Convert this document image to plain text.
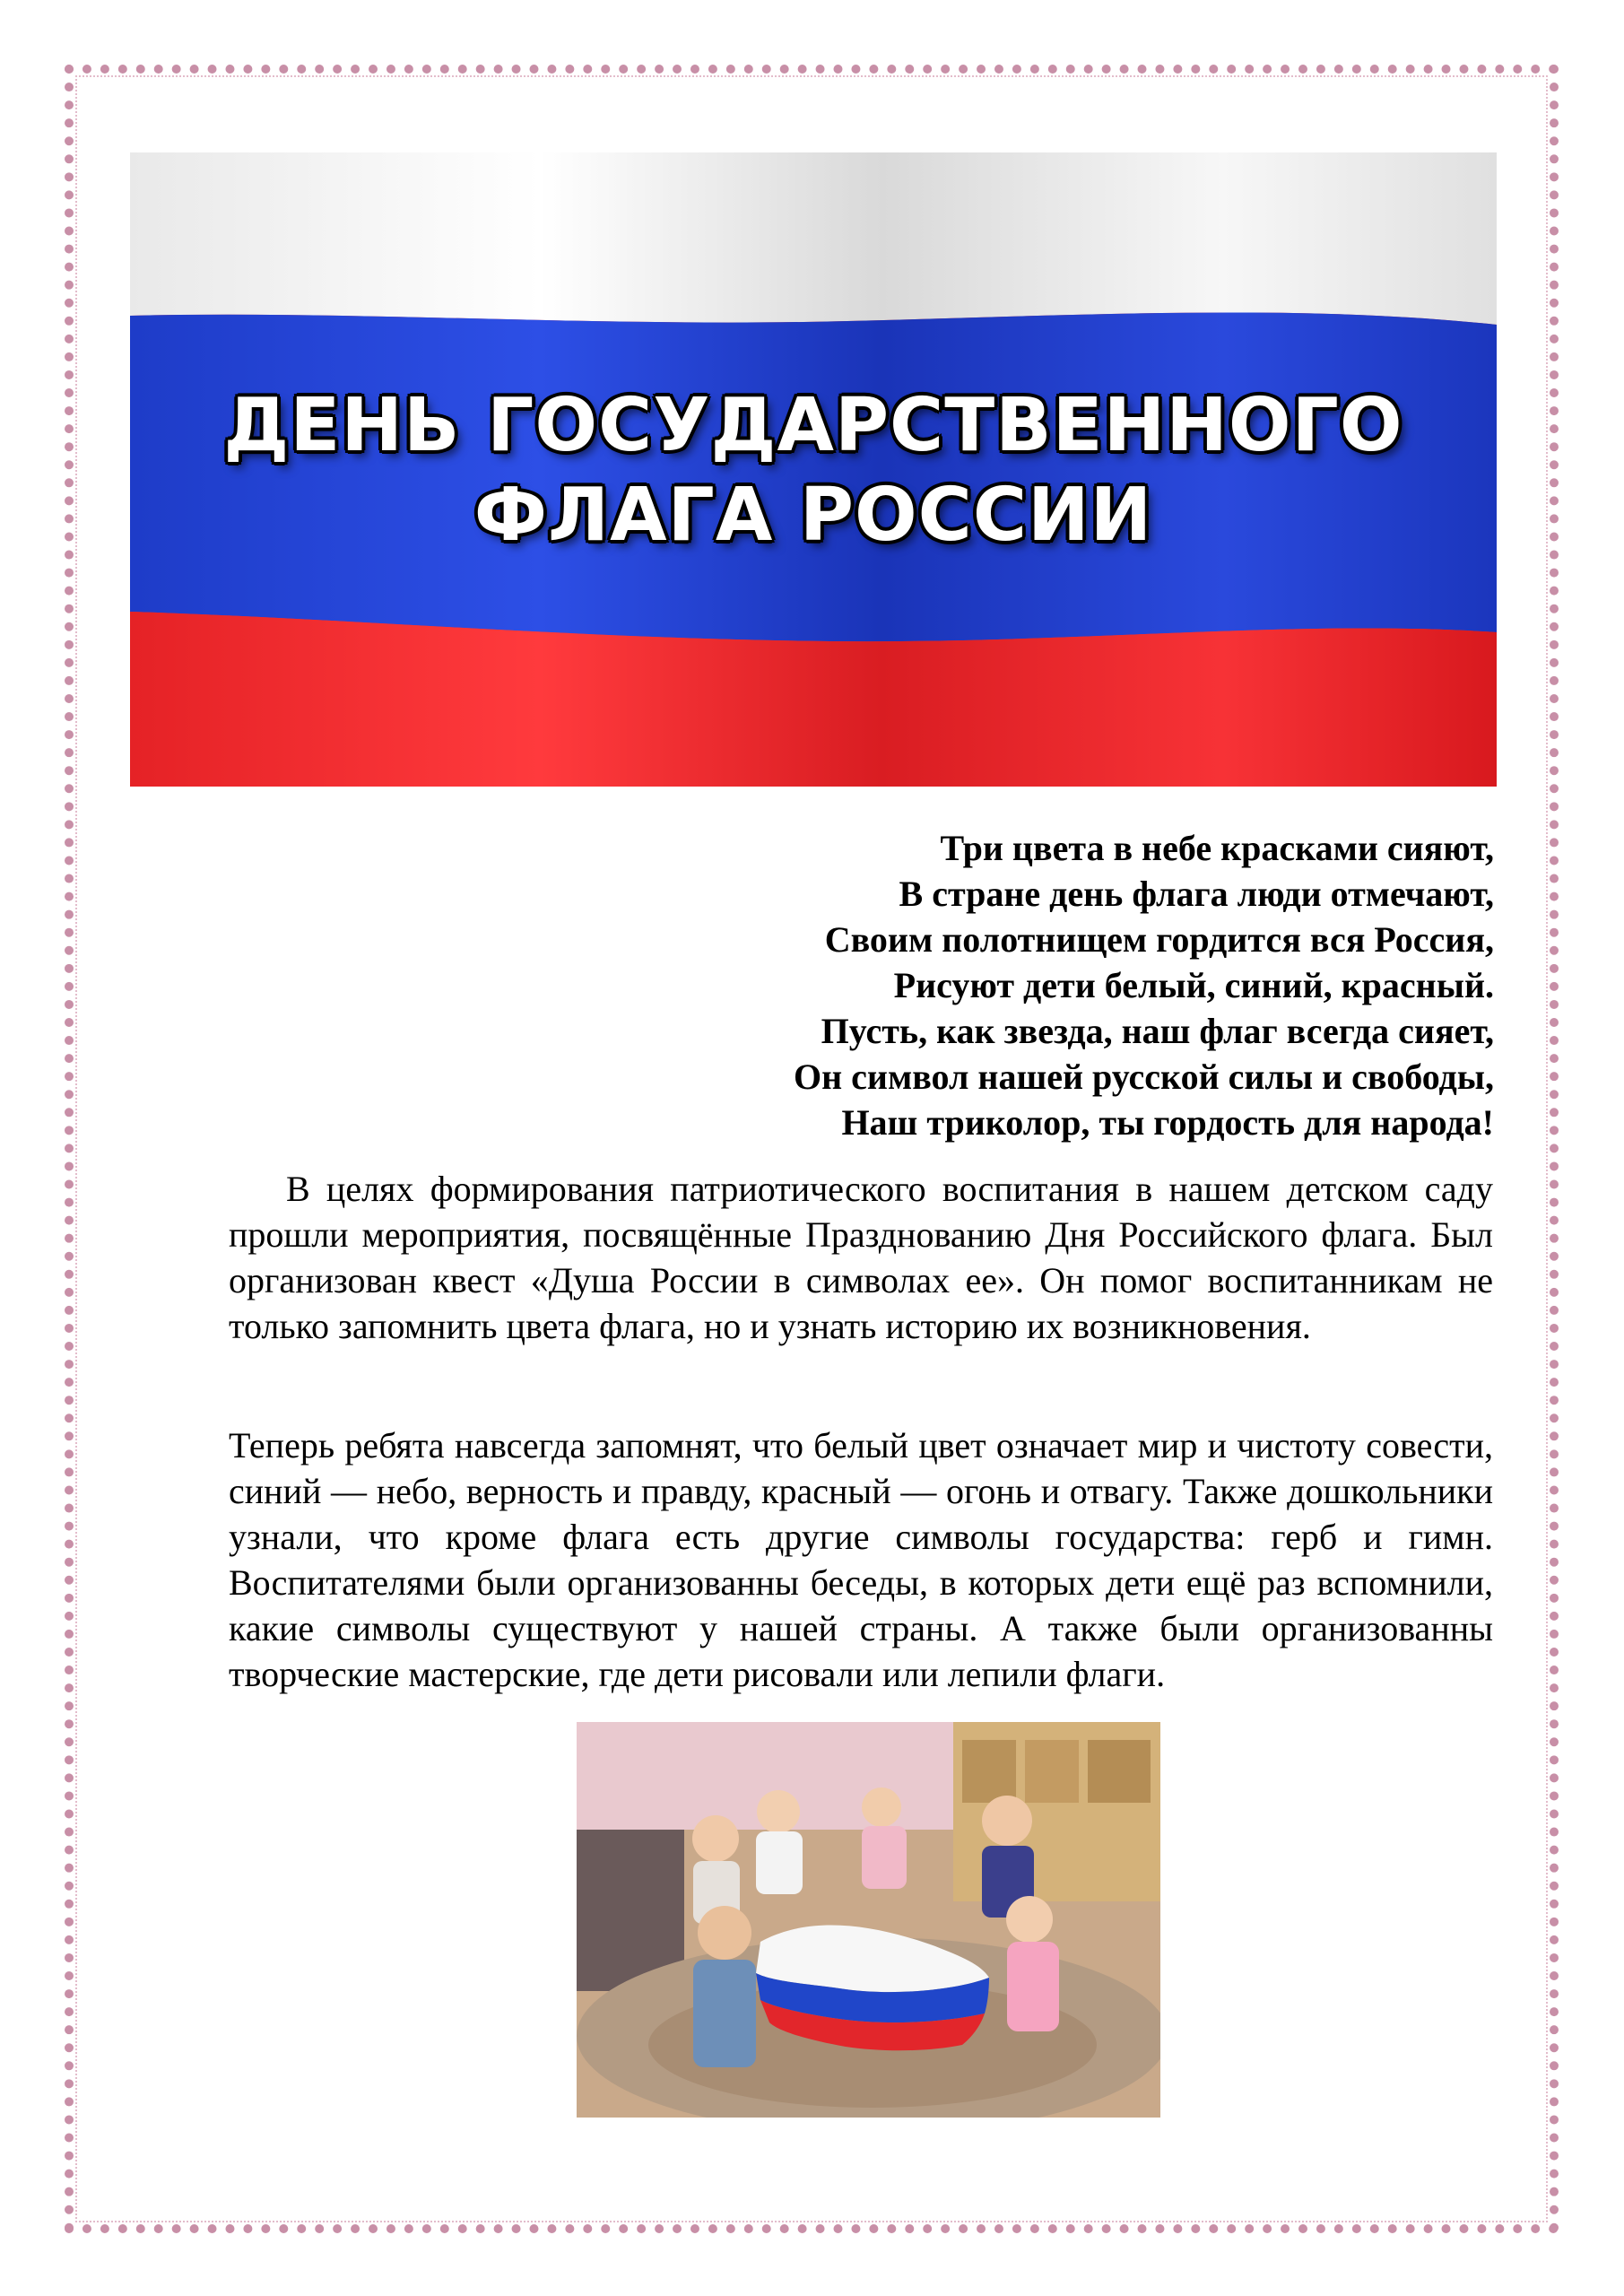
ДЕНЬ ГОСУДАРСТВЕННОГО
ФЛАГА РОССИИ
Три цвета в небе красками сияют,
В стране день флага люди отмечают,
Своим полотнищем гордится вся Россия,
Рисуют дети белый, синий, красный.
Пусть, как звезда, наш флаг всегда сияет,
Он символ нашей русской силы и свободы,
Наш триколор, ты гордость для народа!

В целях формирования патриотического воспитания в нашем детском саду прошли мероприятия, посвящённые Празднованию Дня Российского флага. Был организован квест «Душа России в символах ее». Он помог воспитанникам не только запомнить цвета флага, но и узнать историю их возникновения.

Теперь ребята навсегда запомнят, что белый цвет означает мир и чистоту совести, синий — небо, верность и правду, красный — огонь и отвагу. Также дошкольники узнали, что кроме флага есть другие символы государства: герб и гимн. Воспитателями были организованны беседы, в которых дети ещё раз вспомнили, какие символы существуют у нашей страны. А также были организованны творческие мастерские, где дети рисовали или лепили флаги.
